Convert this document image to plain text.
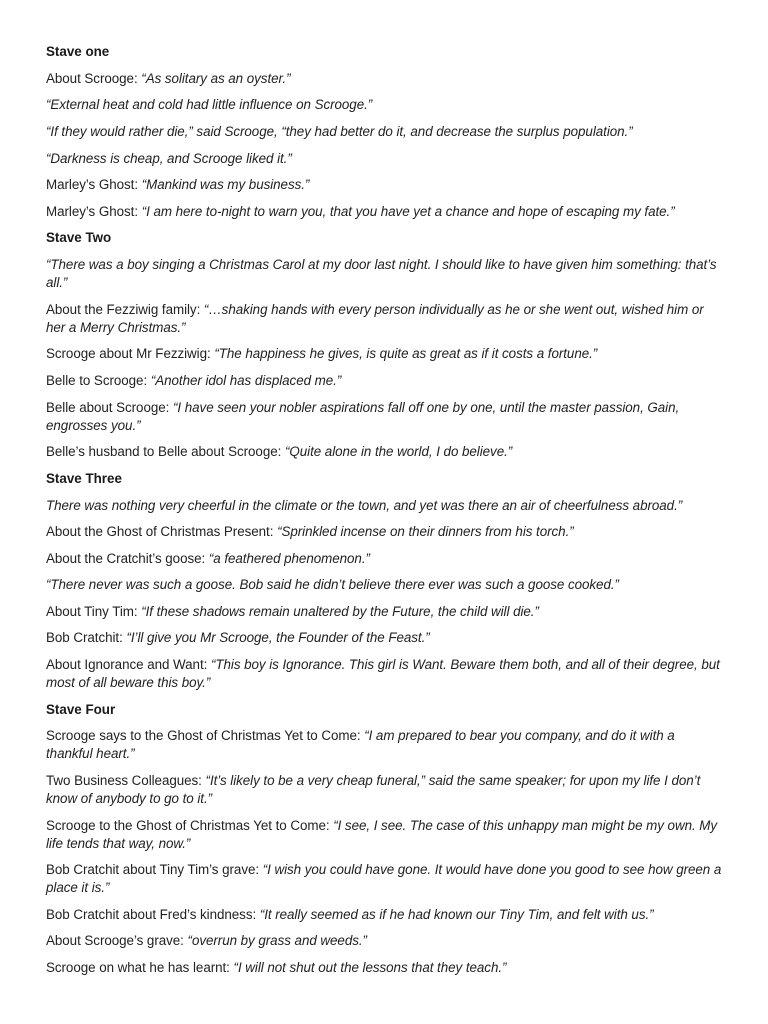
Stave one
About Scrooge: “As solitary as an oyster.”
“External heat and cold had little influence on Scrooge.”
“If they would rather die,” said Scrooge, “they had better do it, and decrease the surplus population.”
“Darkness is cheap, and Scrooge liked it.”
Marley’s Ghost: “Mankind was my business.”
Marley’s Ghost: “I am here to-night to warn you, that you have yet a chance and hope of escaping my fate.”
Stave Two
“There was a boy singing a Christmas Carol at my door last night. I should like to have given him something: that’s all.”
About the Fezziwig family: “…shaking hands with every person individually as he or she went out, wished him or her a Merry Christmas.”
Scrooge about Mr Fezziwig: “The happiness he gives, is quite as great as if it costs a fortune.”
Belle to Scrooge: “Another idol has displaced me.”
Belle about Scrooge: “I have seen your nobler aspirations fall off one by one, until the master passion, Gain, engrosses you.”
Belle’s husband to Belle about Scrooge: “Quite alone in the world, I do believe.”
Stave Three
There was nothing very cheerful in the climate or the town, and yet was there an air of cheerfulness abroad.”
About the Ghost of Christmas Present: “Sprinkled incense on their dinners from his torch.”
About the Cratchit’s goose: “a feathered phenomenon.”
“There never was such a goose. Bob said he didn’t believe there ever was such a goose cooked.”
About Tiny Tim: “If these shadows remain unaltered by the Future, the child will die.”
Bob Cratchit: “I’ll give you Mr Scrooge, the Founder of the Feast.”
About Ignorance and Want: “This boy is Ignorance. This girl is Want. Beware them both, and all of their degree, but most of all beware this boy.”
Stave Four
Scrooge says to the Ghost of Christmas Yet to Come: “I am prepared to bear you company, and do it with a thankful heart.”
Two Business Colleagues: “It’s likely to be a very cheap funeral,” said the same speaker; for upon my life I don’t know of anybody to go to it.”
Scrooge to the Ghost of Christmas Yet to Come: “I see, I see. The case of this unhappy man might be my own. My life tends that way, now.”
Bob Cratchit about Tiny Tim’s grave: “I wish you could have gone. It would have done you good to see how green a place it is.”
Bob Cratchit about Fred’s kindness: “It really seemed as if he had known our Tiny Tim, and felt with us.”
About Scrooge’s grave: “overrun by grass and weeds.”
Scrooge on what he has learnt: “I will not shut out the lessons that they teach.”
